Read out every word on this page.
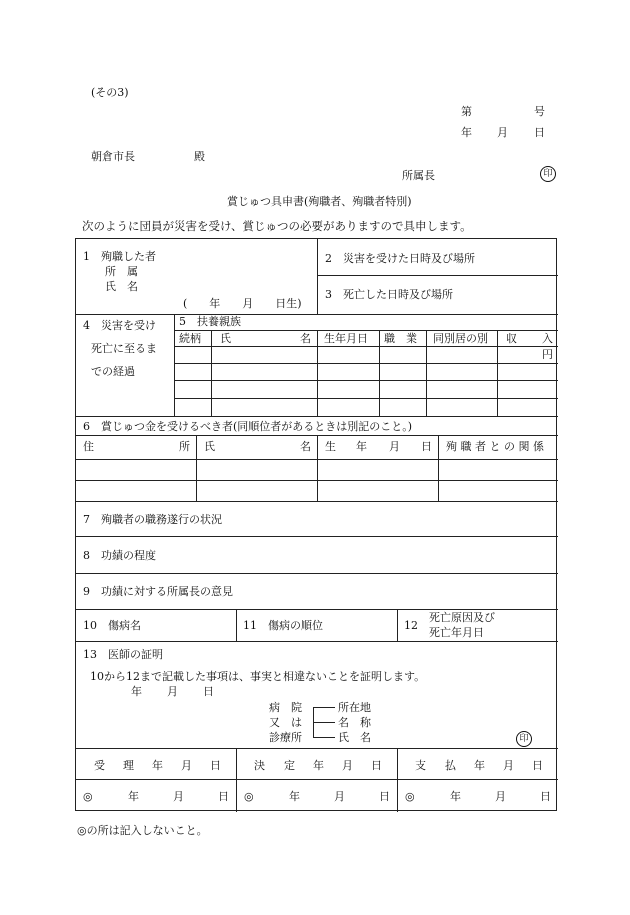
(その3)
第	号
年 月 日
朝倉市長	殿
所属長	印
賞じゅつ具申書(殉職者、殉職者特別)
次のように団員が災害を受け、賞じゅつの必要がありますので具申します。
1　殉職した者
所　属
氏　名
(　　年　　月　　日生)
2　災害を受けた日時及び場所
3　死亡した日時及び場所
4　災害を受け
死亡に至るま
での経過
5　扶養親族
続柄 氏	名 生年月日 職　業 同別居の別 収 入
円
6　賞じゅつ金を受けるべき者(同順位者があるときは別記のこと。)
住	所 氏	名 生 年 月 日 殉 職 者 と の 関 係
7　殉職者の職務遂行の状況
8　功績の程度
9　功績に対する所属長の意見
10　傷病名	11　傷病の順位	12
死亡原因及び
死亡年月日
13　医師の証明
10から12まで記載した事項は、事実と相違ないことを証明します。
年 月 日
病　院
又　は
診療所
所在地
名　称
氏　名	印
受 理 年 月 日	決 定 年 月 日	支 払 年 月 日
◎	年	月	日 ◎	年	月	日 ◎	年	月	日
◎の所は記入しないこと。
